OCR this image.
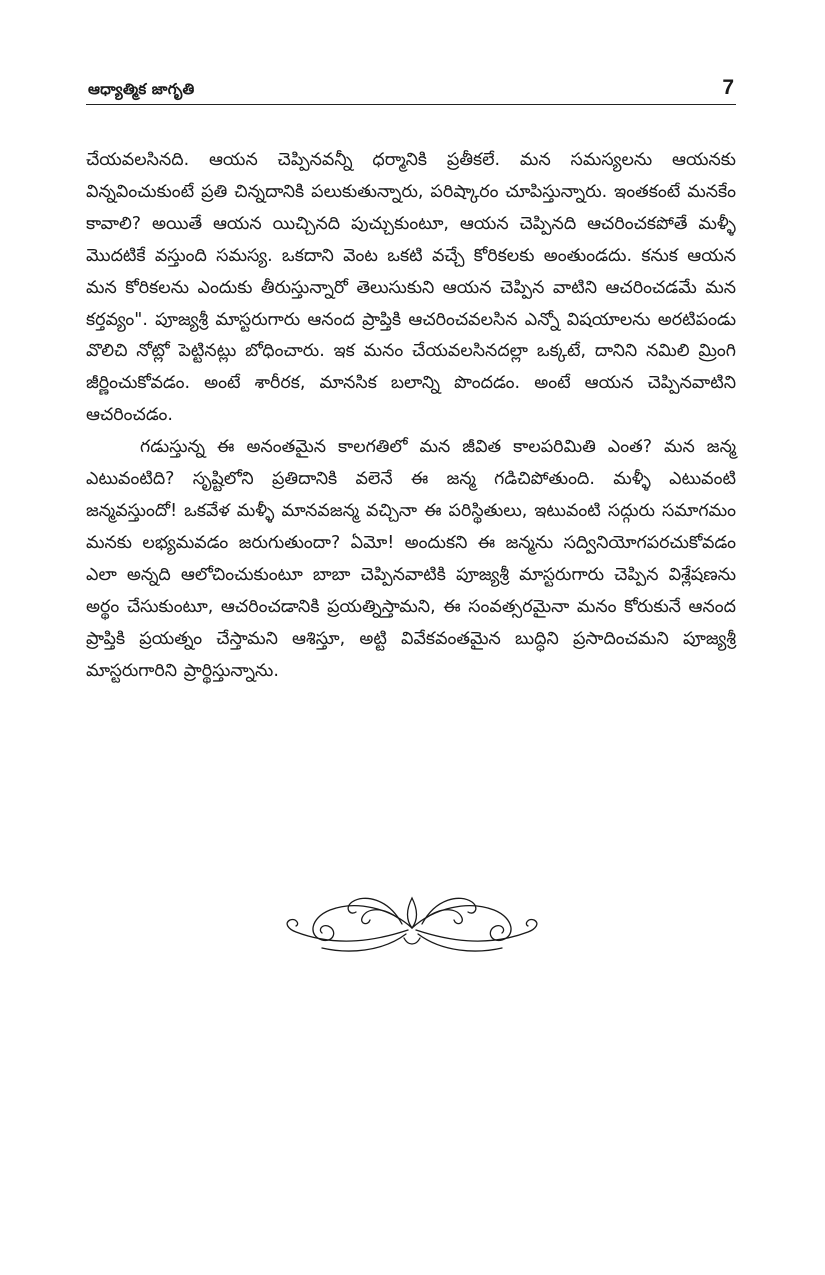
ఆధ్యాత్మిక జాగృతి	7

చేయవలసినది. ఆయన చెప్పినవన్నీ ధర్మానికి ప్రతీకలే. మన సమస్యలను ఆయనకు విన్నవించుకుంటే ప్రతి చిన్నదానికి పలుకుతున్నారు, పరిష్కారం చూపిస్తున్నారు. ఇంతకంటే మనకేం కావాలి? అయితే ఆయన యిచ్చినది పుచ్చుకుంటూ, ఆయన చెప్పినది ఆచరించకపోతే మళ్ళీ మొదటికే వస్తుంది సమస్య. ఒకదాని వెంట ఒకటి వచ్చే కోరికలకు అంతుండదు. కనుక ఆయన మన కోరికలను ఎందుకు తీరుస్తున్నారో తెలుసుకుని ఆయన చెప్పిన వాటిని ఆచరించడమే మన కర్తవ్యం". పూజ్యశ్రీ మాస్టరుగారు ఆనంద ప్రాప్తికి ఆచరించవలసిన ఎన్నో విషయాలను అరటిపండు వొలిచి నోట్లో పెట్టినట్లు బోధించారు. ఇక మనం చేయవలసినదల్లా ఒక్కటే, దానిని నమిలి మ్రింగి జీర్ణించుకోవడం. అంటే శారీరక, మానసిక బలాన్ని పొందడం. అంటే ఆయన చెప్పినవాటిని ఆచరించడం.

గడుస్తున్న ఈ అనంతమైన కాలగతిలో మన జీవిత కాలపరిమితి ఎంత? మన జన్మ ఎటువంటిది? సృష్టిలోని ప్రతిదానికి వలెనే ఈ జన్మ గడిచిపోతుంది. మళ్ళీ ఎటువంటి జన్మవస్తుందో! ఒకవేళ మళ్ళీ మానవజన్మ వచ్చినా ఈ పరిస్థితులు, ఇటువంటి సద్గురు సమాగమం మనకు లభ్యమవడం జరుగుతుందా? ఏమో! అందుకని ఈ జన్మను సద్వినియోగపరచుకోవడం ఎలా అన్నది ఆలోచించుకుంటూ బాబా చెప్పినవాటికి పూజ్యశ్రీ మాస్టరుగారు చెప్పిన విశ్లేషణను అర్థం చేసుకుంటూ, ఆచరించడానికి ప్రయత్నిస్తామని, ఈ సంవత్సరమైనా మనం కోరుకునే ఆనంద ప్రాప్తికి ప్రయత్నం చేస్తామని ఆశిస్తూ, అట్టి వివేకవంతమైన బుద్ధిని ప్రసాదించమని పూజ్యశ్రీ మాస్టరుగారిని ప్రార్థిస్తున్నాను.
